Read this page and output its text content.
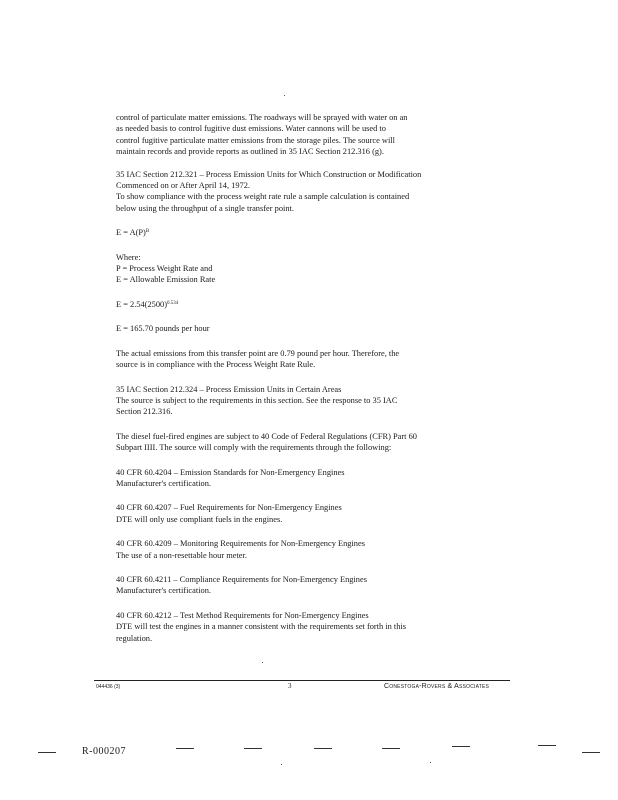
control of particulate matter emissions. The roadways will be sprayed with water on an

as needed basis to control fugitive dust emissions. Water cannons will be used to

control fugitive particulate matter emissions from the storage piles. The source will

maintain records and provide reports as outlined in 35 IAC Section 212.316 (g).

35 IAC Section 212.321 – Process Emission Units for Which Construction or Modification

Commenced on or After April 14, 1972.

To show compliance with the process weight rate rule a sample calculation is contained

below using the throughput of a single transfer point.

$E = A(P)^B$

Where:

P = Process Weight Rate and

E = Allowable Emission Rate

$E = 2.54(2500)^{0.534}$

E = 165.70 pounds per hour

The actual emissions from this transfer point are 0.79 pound per hour. Therefore, the

source is in compliance with the Process Weight Rate Rule.

35 IAC Section 212.324 – Process Emission Units in Certain Areas

The source is subject to the requirements in this section. See the response to 35 IAC

Section 212.316.

The diesel fuel-fired engines are subject to 40 Code of Federal Regulations (CFR) Part 60

Subpart IIII. The source will comply with the requirements through the following:

40 CFR 60.4204 – Emission Standards for Non-Emergency Engines

Manufacturer's certification.

40 CFR 60.4207 – Fuel Requirements for Non-Emergency Engines

DTE will only use compliant fuels in the engines.

40 CFR 60.4209 – Monitoring Requirements for Non-Emergency Engines

The use of a non-resettable hour meter.

40 CFR 60.4211 – Compliance Requirements for Non-Emergency Engines

Manufacturer's certification.

40 CFR 60.4212 – Test Method Requirements for Non-Emergency Engines

DTE will test the engines in a manner consistent with the requirements set forth in this

regulation.

044436 (3)	3	Conestoga-Rovers & Associates
R-000207
